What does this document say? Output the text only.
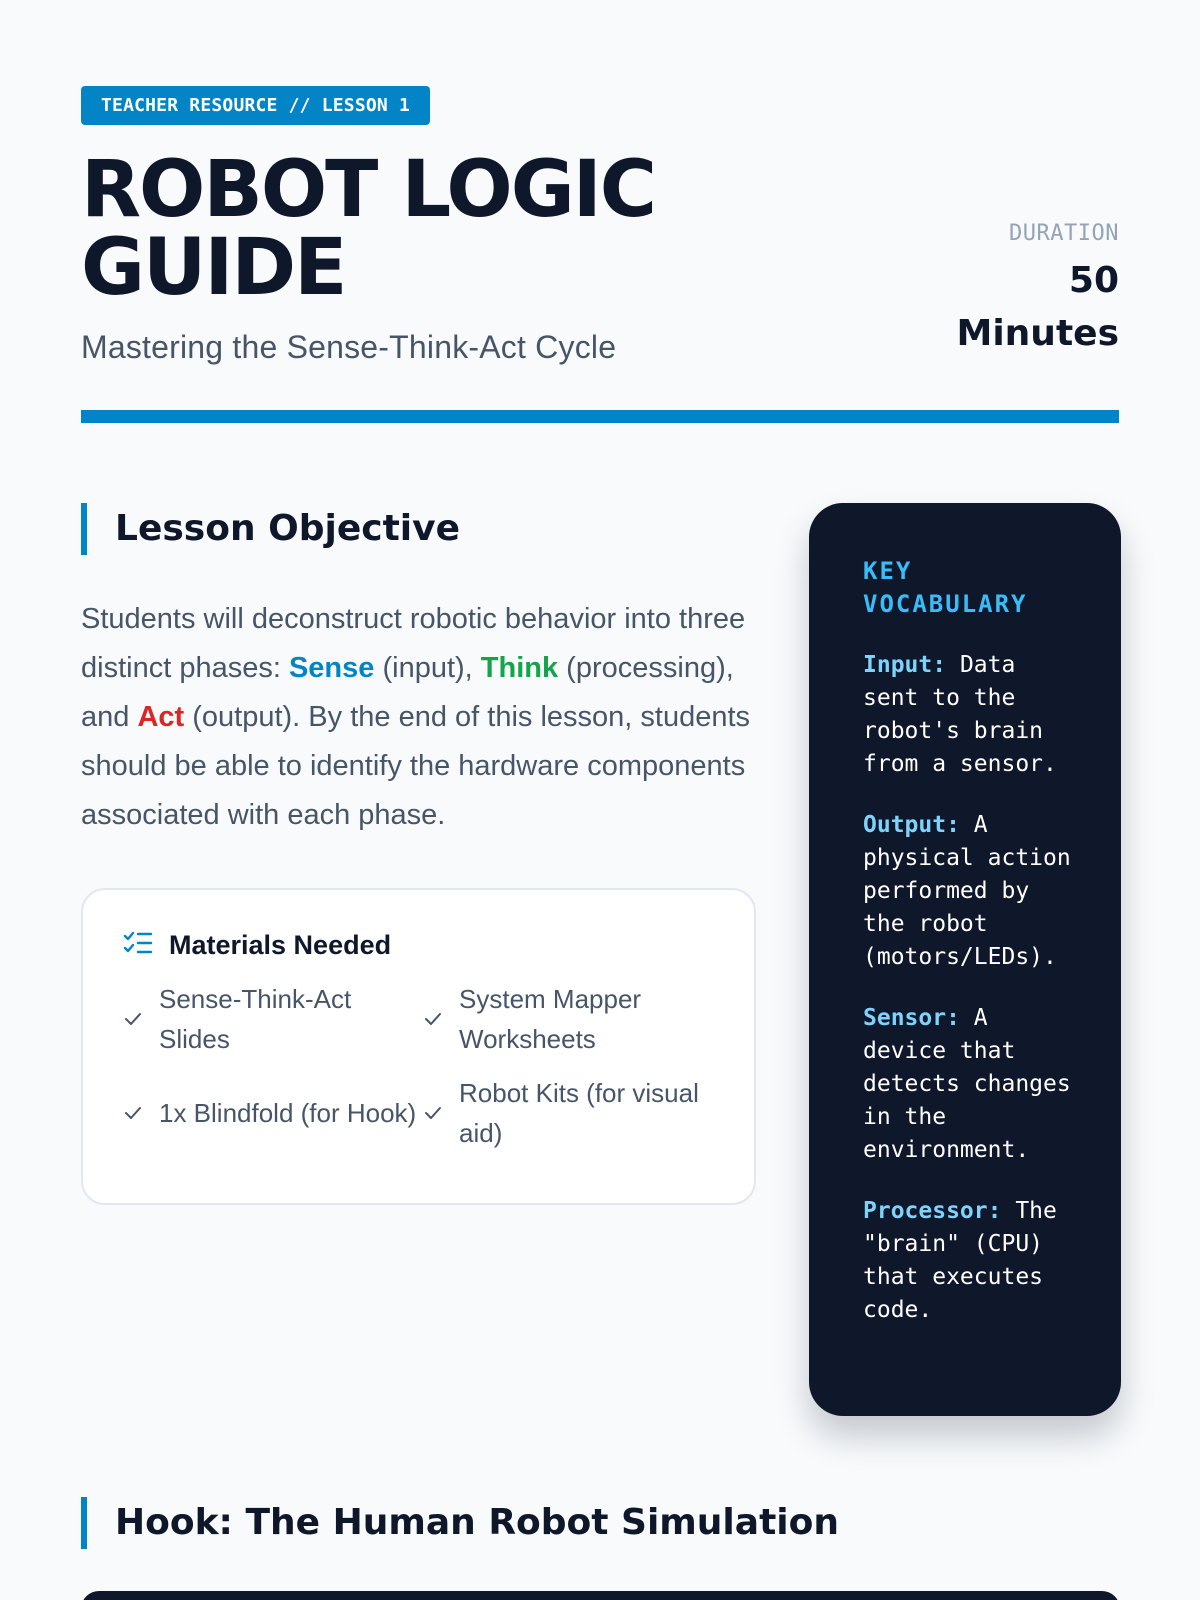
TEACHER RESOURCE // LESSON 1
ROBOT LOGIC GUIDE
Mastering the Sense-Think-Act Cycle
DURATION
50 Minutes
Lesson Objective

Students will deconstruct robotic behavior into three distinct phases: Sense (input), Think (processing), and Act (output). By the end of this lesson, students should be able to identify the hardware components associated with each phase.

Materials Needed
Sense-Think-Act Slides
System Mapper Worksheets
1x Blindfold (for Hook)
Robot Kits (for visual aid)
KEY VOCABULARY
Input: Data sent to the robot's brain from a sensor.
Output: A physical action performed by the robot (motors/LEDs).
Sensor: A device that detects changes in the environment.
Processor: The "brain" (CPU) that executes code.
Hook: The Human Robot Simulation
